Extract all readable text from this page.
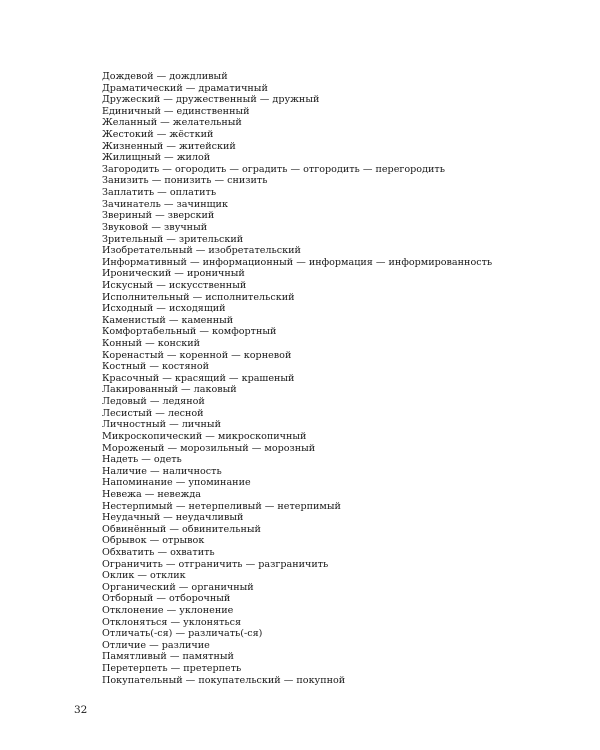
Дождевой — дождливый
Драматический — драматичный
Дружеский — дружественный — дружный
Единичный — единственный
Желанный — желательный
Жестокий — жёсткий
Жизненный — житейский
Жилищный — жилой
Загородить — огородить — оградить — отгородить — перегородить
Занизить — понизить — снизить
Заплатить — оплатить
Зачинатель — зачинщик
Звериный — зверский
Звуковой — звучный
Зрительный — зрительский
Изобретательный — изобретательский
Информативный — информационный — информация — информированность
Иронический — ироничный
Искусный — искусственный
Исполнительный — исполнительский
Исходный — исходящий
Каменистый — каменный
Комфортабельный — комфортный
Конный — конский
Коренастый — коренной — корневой
Костный — костяной
Красочный — красящий — крашеный
Лакированный — лаковый
Ледовый — ледяной
Лесистый — лесной
Личностный — личный
Микроскопический — микроскопичный
Мороженый — морозильный — морозный
Надеть — одеть
Наличие — наличность
Напоминание — упоминание
Невежа — невежда
Нестерпимый — нетерпеливый — нетерпимый
Неудачный — неудачливый
Обвинённый — обвинительный
Обрывок — отрывок
Обхватить — охватить
Ограничить — отграничить — разграничить
Оклик — отклик
Органический — органичный
Отборный — отборочный
Отклонение — уклонение
Отклоняться — уклоняться
Отличать(-ся) — различать(-ся)
Отличие — различие
Памятливый — памятный
Перетерпеть — претерпеть
Покупательный — покупательский — покупной
32
